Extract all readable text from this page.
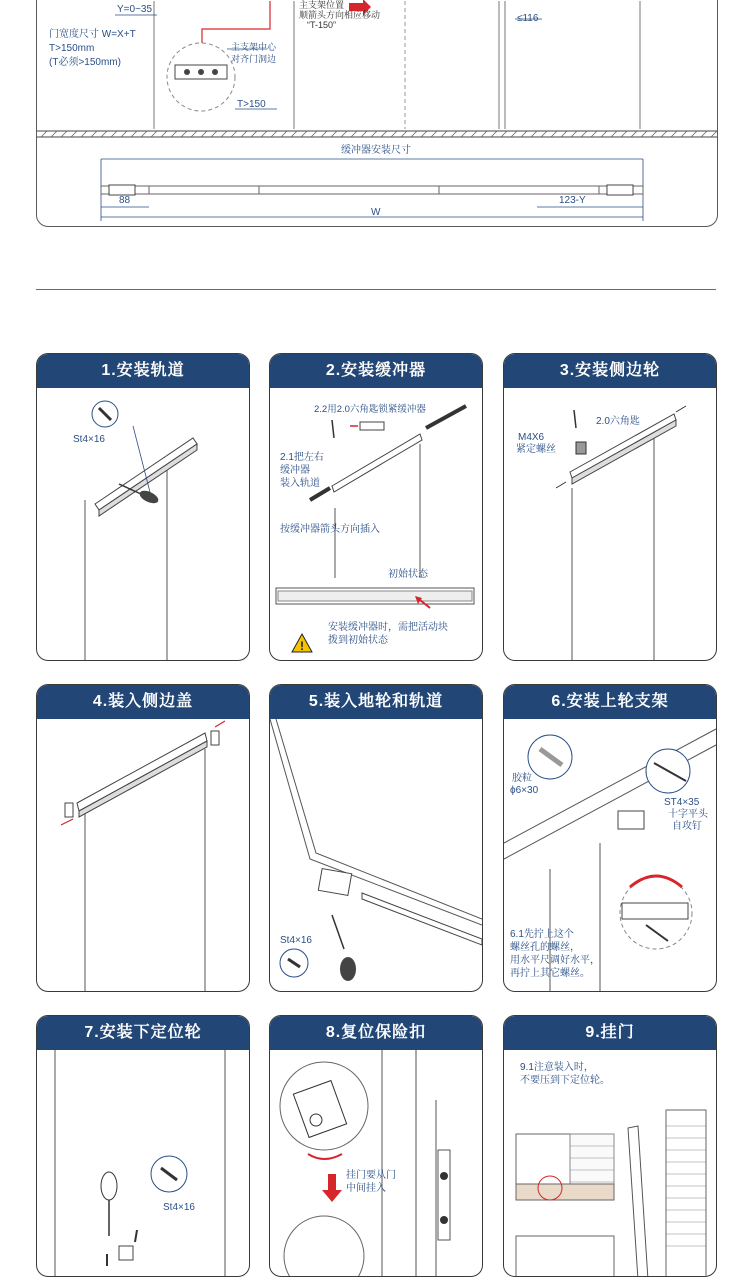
Y=0~35
门宽度尺寸 W=X+T
T>150mm
(T必须>150mm)
主支架中心
对齐门洞边
T>150
主支架位置
顺箭头方向相应移动
“T-150”
≤116
缓冲器安装尺寸
88	123-Y
W
1.安装轨道
St4×16
2.安装缓冲器
!
2.2用2.0六角匙锁紧缓冲器
2.1把左右
缓冲器
装入轨道
按缓冲器箭头方向插入
初始状态
安装缓冲器时，需把活动块
拨到初始状态
3.安装侧边轮
2.0六角匙
M4X6
紧定螺丝
4.装入侧边盖	5.装入地轮和轨道
St4×16
6.安装上轮支架
胶粒
ϕ6×30
ST4×35
十字平头
自攻钉
6.1先拧上这个
螺丝孔的螺丝，
用水平尺调好水平，
再拧上其它螺丝。
7.安装下定位轮
St4×16
8.复位保险扣
挂门要从门
中间挂入
9.挂门
9.1注意装入时，
不要压到下定位轮。
